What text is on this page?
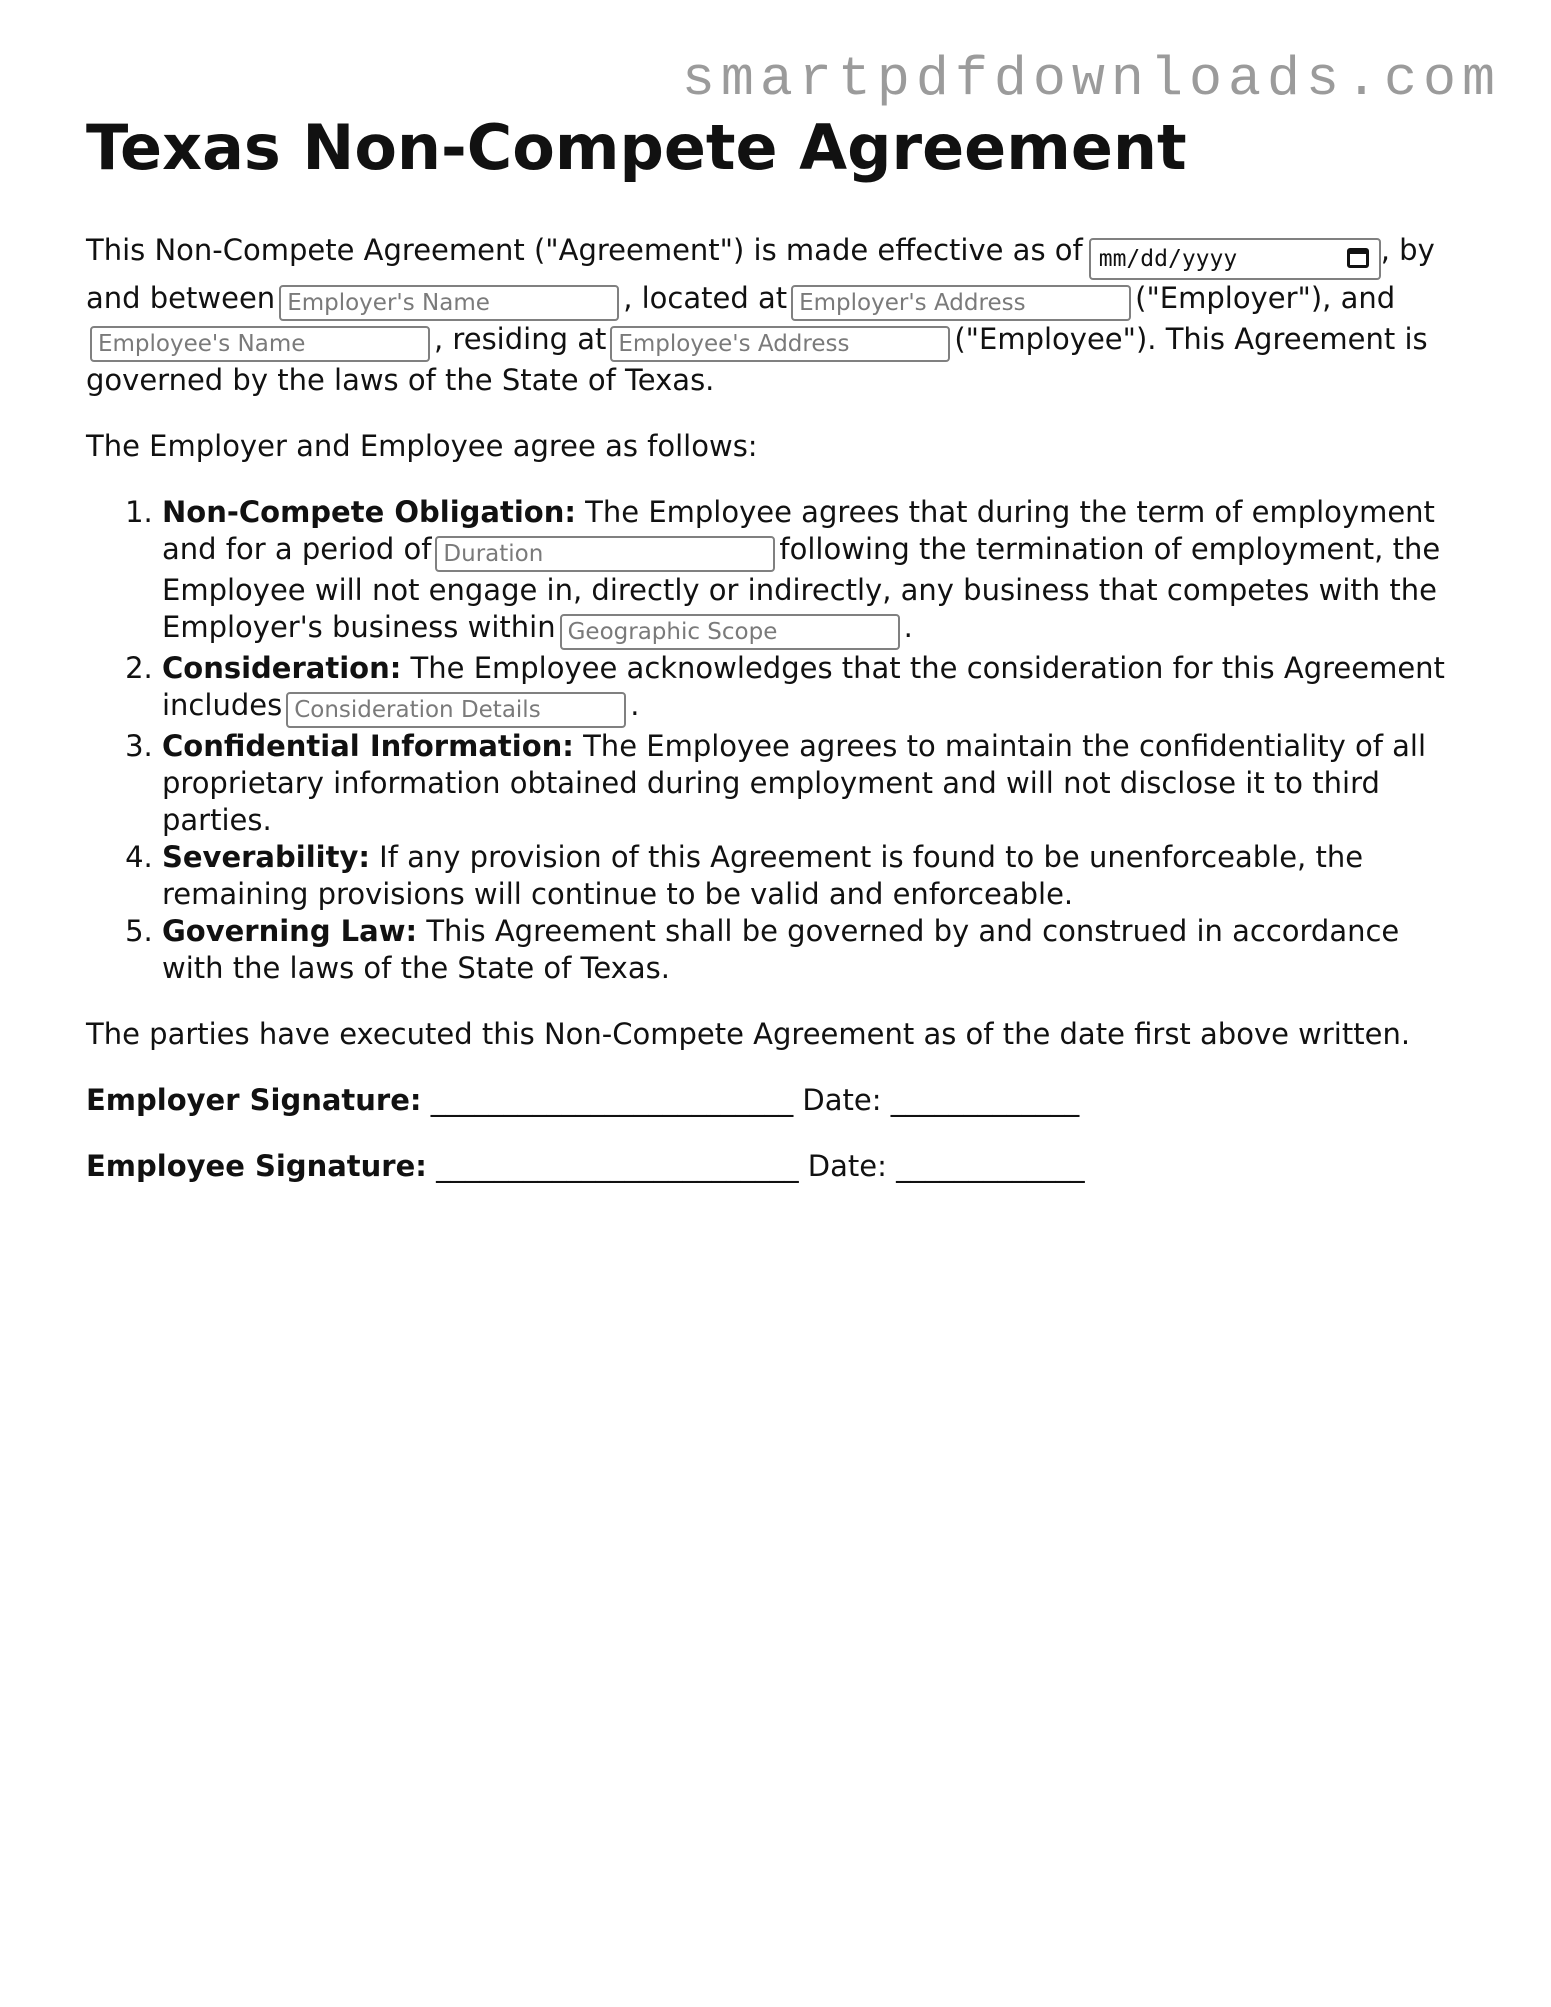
smartpdfdownloads.com
Texas Non-Compete Agreement

This Non-Compete Agreement ("Agreement") is made effective as of mm/dd/yyyy	, by and betweenEmployer's Name	, located atEmployer's Address	("Employer"), andEmployee's Name, residing atEmployee's Address	("Employee"). This Agreement is governed by the laws of the State of Texas.

The Employer and Employee agree as follows:

1. Non-Compete Obligation: The Employee agrees that during the term of employment and for a period ofDuration	following the termination of employment, the Employee will not engage in, directly or indirectly, any business that competes with the Employer's business withinGeographic Scope	.
2. Consideration: The Employee acknowledges that the consideration for this Agreement includesConsideration Details	.
3. Confidential Information: The Employee agrees to maintain the confidentiality of all proprietary information obtained during employment and will not disclose it to third parties.
4. Severability: If any provision of this Agreement is found to be unenforceable, the remaining provisions will continue to be valid and enforceable.
5. Governing Law: This Agreement shall be governed by and construed in accordance with the laws of the State of Texas.

The parties have executed this Non-Compete Agreement as of the date first above written.

Employer Signature: _________________________ Date: _____________

Employee Signature: _________________________ Date: _____________
